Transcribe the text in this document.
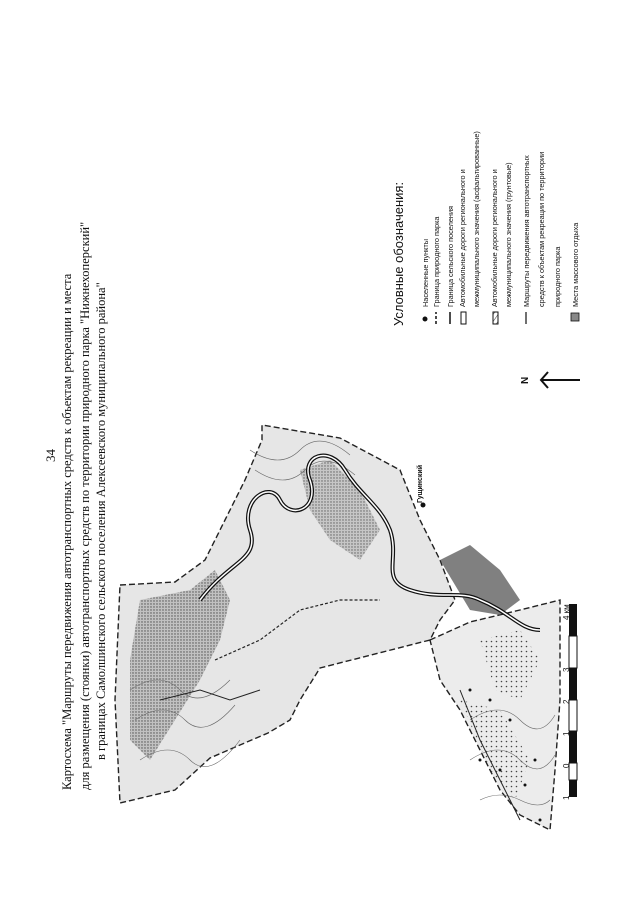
34 Картосхема "Маршруты передвижения автотранспортных средств к объектам рекреации и места для размещения (стоянки) автотранспортных средств по территории природного парка "Нижнехоперский" в границах Самолшинского сельского поселения Алексеевского муниципального района"	Гущинский
Условные обозначения: Населенные пункты Граница природного парка Граница сельского поселения Автомобильные дороги регионального и межмуниципального значения (асфальтированные) Автомобильные дороги регионального и межмуниципального значения (грунтовые) Маршруты передвижения автотранспортных средств к объектам рекреации по территории природного парка Места массового отдыха
N
1
0
1
2
3
4 км
